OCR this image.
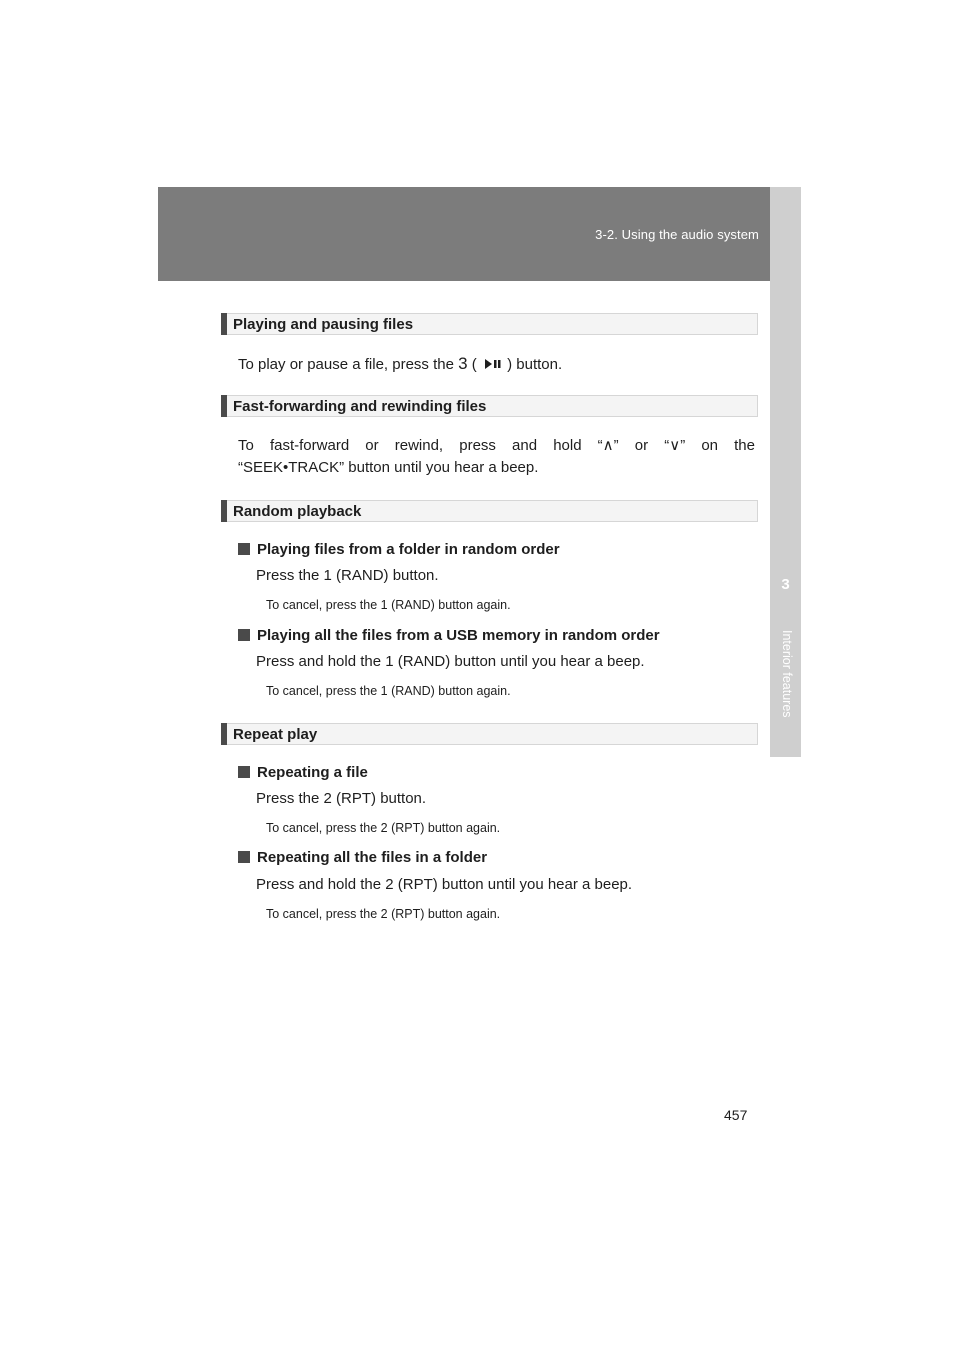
3-2. Using the audio system
3
Interior features
Playing and pausing files
To play or pause a file, press the 3 (  ) button.
Fast-forwarding and rewinding files
To fast-forward or rewind, press and hold “∧” or “∨” on the
“SEEK•TRACK” button until you hear a beep.
Random playback
Playing files from a folder in random order
Press the 1 (RAND) button.
To cancel, press the 1 (RAND) button again.
Playing all the files from a USB memory in random order
Press and hold the 1 (RAND) button until you hear a beep.
To cancel, press the 1 (RAND) button again.
Repeat play
Repeating a file
Press the 2 (RPT) button.
To cancel, press the 2 (RPT) button again.
Repeating all the files in a folder
Press and hold the 2 (RPT) button until you hear a beep.
To cancel, press the 2 (RPT) button again.
457
